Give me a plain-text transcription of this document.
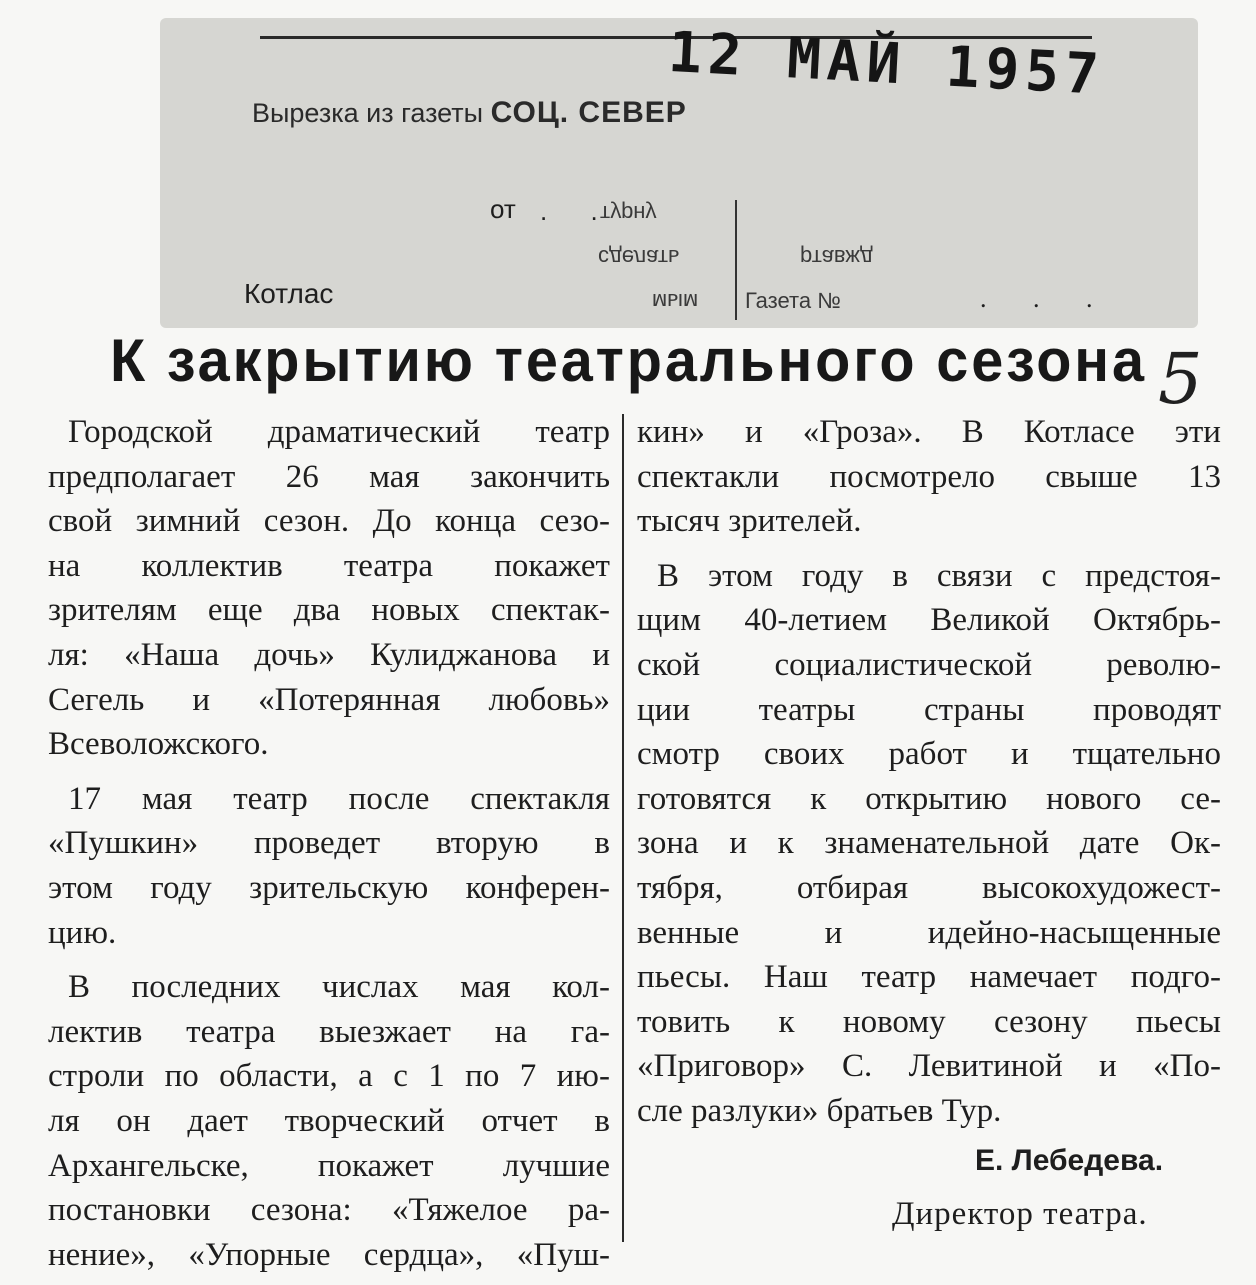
12 МАЙ 1957
Вырезка из газеты СОЦ. СЕВЕР
от . .
Котлас
турну
сделать
мым
ртавжд
Газета №	. . .
К закрытию театрального сезона 5
Городской драматический театр
предполагает 26 мая закончить
свой зимний сезон. До конца сезо-
на коллектив театра покажет
зрителям еще два новых спектак-
ля: «Наша дочь» Кулиджанова и
Сегель и «Потерянная любовь»
Всеволожского.
17 мая театр после спектакля
«Пушкин» проведет вторую в
этом году зрительскую конферен-
цию.
В последних числах мая кол-
лектив театра выезжает на га-
строли по области, а с 1 по 7 ию-
ля он дает творческий отчет в
Архангельске, покажет лучшие
постановки сезона: «Тяжелое ра-
нение», «Упорные сердца», «Пуш-
кин» и «Гроза». В Котласе эти
спектакли посмотрело свыше 13
тысяч зрителей.
В этом году в связи с предстоя-
щим 40-летием Великой Октябрь-
ской социалистической револю-
ции театры страны проводят
смотр своих работ и тщательно
готовятся к открытию нового се-
зона и к знаменательной дате Ок-
тября, отбирая высокохудожест-
венные	и	идейно-насыщенные
пьесы. Наш театр намечает подго-
товить к новому сезону пьесы
«Приговор» С. Левитиной и «По-
сле разлуки» братьев Тур.
Е. Лебедева.
Директор театра.
